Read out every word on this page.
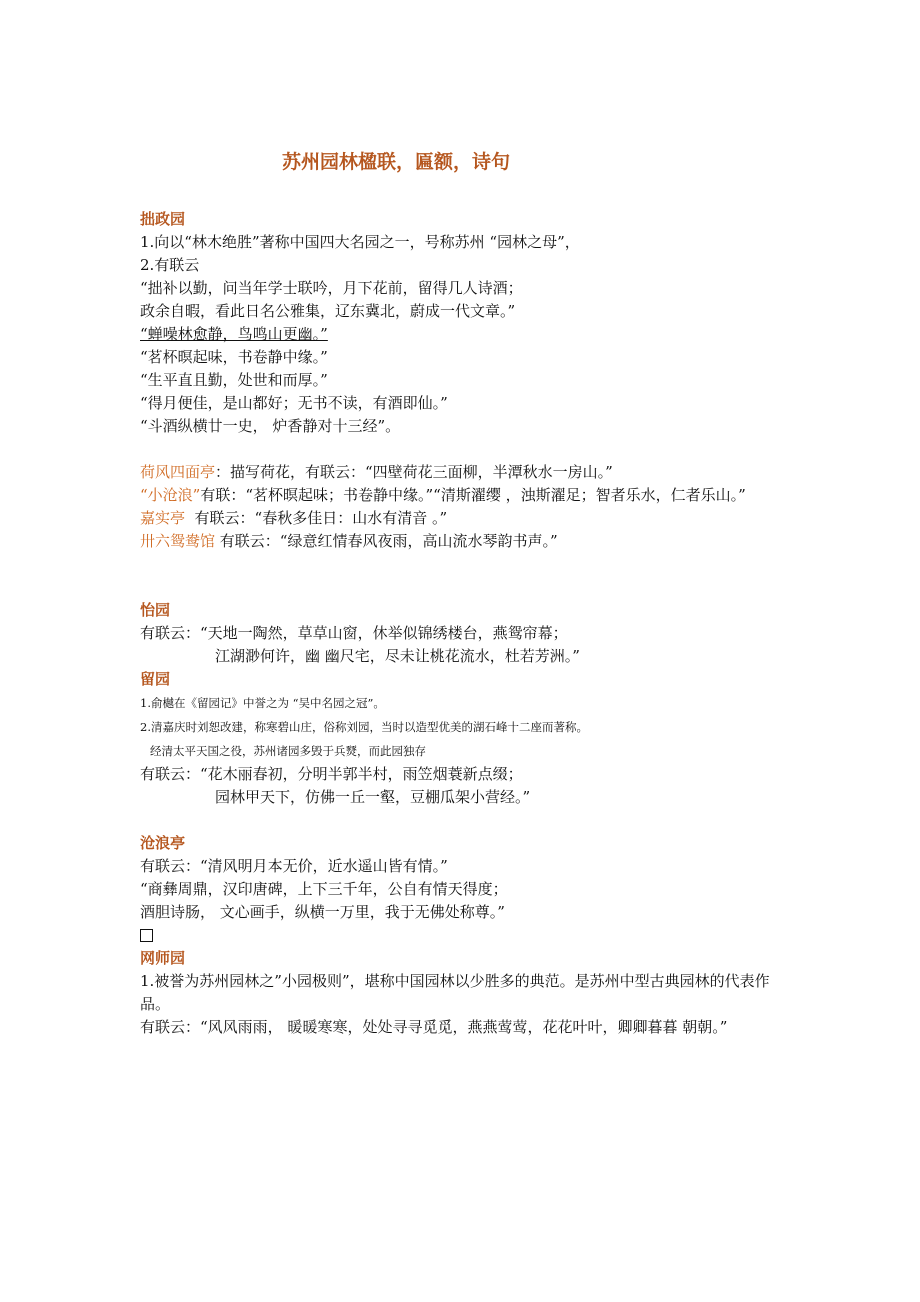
苏州园林楹联，匾额，诗句
拙政园
1.向以“林木绝胜”著称中国四大名园之一，号称苏州 “园林之母”，
2.有联云
“拙补以勤，问当年学士联吟，月下花前，留得几人诗酒；
政余自暇，看此日名公雅集，辽东冀北，蔚成一代文章。”
“蝉噪林愈静，鸟鸣山更幽。”
“茗杯暝起味，书卷静中缘。”
“生平直且勤，处世和而厚。”
“得月便佳，是山都好；无书不读，有酒即仙。”
“斗酒纵横廿一史， 炉香静对十三经”。
荷风四面亭：描写荷花，有联云：“四壁荷花三面柳，半潭秋水一房山。”
“小沧浪”有联：“茗杯暝起味；书卷静中缘。”“清斯濯缨 ，浊斯濯足；智者乐水，仁者乐山。”
嘉实亭  有联云：“春秋多佳日：山水有清音 。”
卅六鸳鸯馆 有联云：“绿意红情春风夜雨，高山流水琴韵书声。”
怡园
有联云：“天地一陶然，草草山窗，休举似锦绣楼台，燕鸳帘幕；
江湖渺何许，幽 幽尺宅，尽未让桃花流水，杜若芳洲。”
留园
1.俞樾在《留园记》中誉之为 “吴中名园之冠”。
2.清嘉庆时刘恕改建，称寒碧山庄，俗称刘园，当时以造型优美的湖石峰十二座而著称。
经清太平天国之役，苏州诸园多毁于兵燹，而此园独存
有联云：“花木丽春初，分明半郭半村，雨笠烟蓑新点缀；
园林甲天下，仿佛一丘一壑，豆棚瓜架小营经。”
沧浪亭
有联云：“清风明月本无价，近水遥山皆有情。”
“商彝周鼎，汉印唐碑，上下三千年，公自有情天得度；
酒胆诗肠， 文心画手，纵横一万里，我于无佛处称尊。”
网师园
1.被誉为苏州园林之”小园极则”，堪称中国园林以少胜多的典范。是苏州中型古典园林的代表作品。
有联云：“风风雨雨， 暖暖寒寒，处处寻寻觅觅，燕燕莺莺，花花叶叶，卿卿暮暮 朝朝。”
